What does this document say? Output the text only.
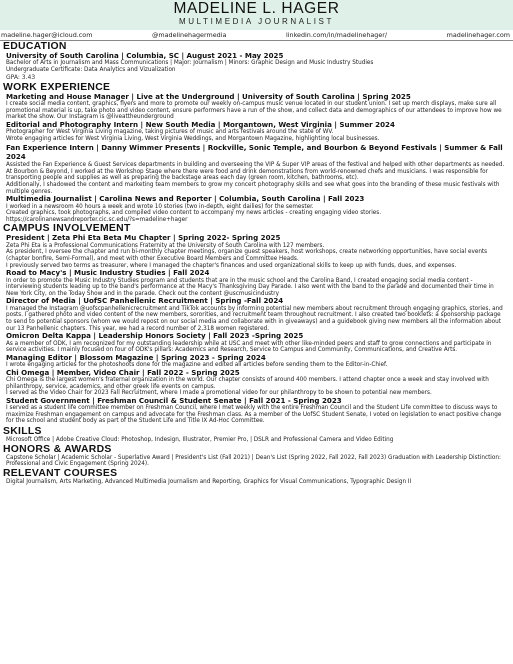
MADELINE L. HAGER
MULTIMEDIA JOURNALIST
madeline.hager@icloud.com	@madelinehagermedia	linkedin.com/in/madelinehager/	madelinehager.com
EDUCATION
University of South Carolina | Columbia, SC | August 2021 - May 2025
Bachelor of Arts in Journalism and Mass Communications | Major: Journalism | Minors: Graphic Design and Music Industry Studies
Undergraduate Certificate: Data Analytics and Vizualization
GPA: 3.43
WORK EXPERIENCE
Marketing and House Manager | Live at the Underground | University of South Carolina | Spring 2025
I create social media content, graphics, flyers and more to promote our weekly on-campus music venue located in our student union. I set up merch displays, make sure all promotional material is up, take photo and video content, ensure performers have a run of the show, and collect data and demographics of our attendees to improve how we market the show. Our Instagram is @liveattheunderground
Editorial and Photography Intern | New South Media | Morgantown, West Virginia | Summer 2024
Photographer for West Virginia Living magazine, taking pictures of music and arts festivals around the state of WV.
Wrote engaging articles for West Virginia Living, West Virginia Weddings, and Morgantown Magazine, highlighting local businesses.
Fan Experience Intern | Danny Wimmer Presents | Rockville, Sonic Temple, and Bourbon & Beyond Festivals | Summer & Fall 2024
Assisted the Fan Experience & Guest Services departments in building and overseeing the VIP & Super VIP areas of the festival and helped with other departments as needed.
At Bourbon & Beyond, I worked at the Workshop Stage where there were food and drink demonstrations from world-renowned chefs and musicians. I was responsible for transporting people and supplies as well as preparing the backstage areas each day (green room, kitchen, bathrooms, etc).
Additionally, I shadowed the content and marketing team members to grow my concert photography skills and see what goes into the branding of these music festivals with multiple genres.
Multimedia Journalist | Carolina News and Reporter | Columbia, South Carolina | Fall 2023
I worked in a newsroom 40 hours a week and wrote 10 stories (two in-depth, eight dailies) for the semester.
Created graphics, took photographs, and compiled video content to accompany my news articles - creating engaging video stories.
https://carolinanewsandreporter.cic.sc.edu/?s=madeline+hager
CAMPUS INVOLVEMENT
President | Zeta Phi Eta Beta Mu Chapter | Spring 2022- Spring 2025
Zeta Phi Eta is a Professional Communications Fraternity at the University of South Carolina with 127 members.
As president, I oversee the chapter and run bi-monthly chapter meetings, organize guest speakers, host workshops, create networking opportunities, have social events (chapter bonfire, Semi-Formal), and meet with other Executive Board Members and Committee Heads.
I previously served two terms as treasurer, where I managed the chapter's finances and used organizational skills to keep up with funds, dues, and expenses.
Road to Macy's | Music Industry Studies | Fall 2024
In order to promote the Music Industry Studies program and students that are in the music school and the Carolina Band, I created engaging social media content - interviewing students leading up to the band's performance at the Macy's Thanksgiving Day Parade. I also went with the band to the parade and documented their time in New York City, on the Today Show and in the parade. Check out the content @uscmusicindustry
Director of Media | UofSC Panhellenic Recruitment | Spring -Fall 2024
I managed the Instagram @uofscpanhellenicrecruitment and TikTok accounts by informing potential new members about recruitment through engaging graphics, stories, and posts. I gathered photo and video content of the new members, sororities, and recruitment team throughout recruitment. I also created two booklets: a sponsorship package to send to potential sponsors (whom we would repost on our social media and collaborate with in giveaways) and a guidebook giving new members all the information about our 13 Panhellenic chapters. This year, we had a record number of 2,318 women registered.
Omicron Delta Kappa | Leadership Honors Society | Fall 2023 -Spring 2025
As a member of ODK, I am recognized for my outstanding leadership while at USC and meet with other like-minded peers and staff to grow connections and participate in service activities. I mainly focused on four of ODK's pillars: Academics and Research, Service to Campus and Community, Communications, and Creative Arts.
Managing Editor | Blossom Magazine | Spring 2023 - Spring 2024
I wrote engaging articles for the photoshoots done for the magazine and edited all articles before sending them to the Editor-in-Chief.
Chi Omega | Member, Video Chair | Fall 2022 - Spring 2025
Chi Omega is the largest women's fraternal organization in the world. Our chapter consists of around 400 members. I attend chapter once a week and stay involved with philanthropy, service, academics, and other greek life events on campus.
I served as the Video Chair for 2023 Fall Recruitment, where I made a promotional video for our philanthropy to be shown to potential new members.
Student Government | Freshman Council & Student Senate | Fall 2021 - Spring 2023
I served as a student life committee member on Freshman Council, where I met weekly with the entire Freshman Council and the Student Life committee to discuss ways to maximize Freshman engagement on campus and advocate for the Freshman class. As a member of the UofSC Student Senate, I voted on legislation to enact positive change for the school and student body as part of the Student Life and Title IX Ad-Hoc Committee.
SKILLS
Microsoft Office | Adobe Creative Cloud: Photoshop, Indesign, Illustrator, Premier Pro, | DSLR and Professional Camera and Video Editing
HONORS & AWARDS
Capstone Scholar | Academic Scholar - Superlative Award | President's List (Fall 2021) | Dean's List (Spring 2022, Fall 2022, Fall 2023) Graduation with Leadership Distinction: Professional and Civic Engagement (Spring 2024).
RELEVANT COURSES
Digital Journalism, Arts Marketing, Advanced Multimedia Journalism and Reporting, Graphics for Visual Communications, Typographic Design II
